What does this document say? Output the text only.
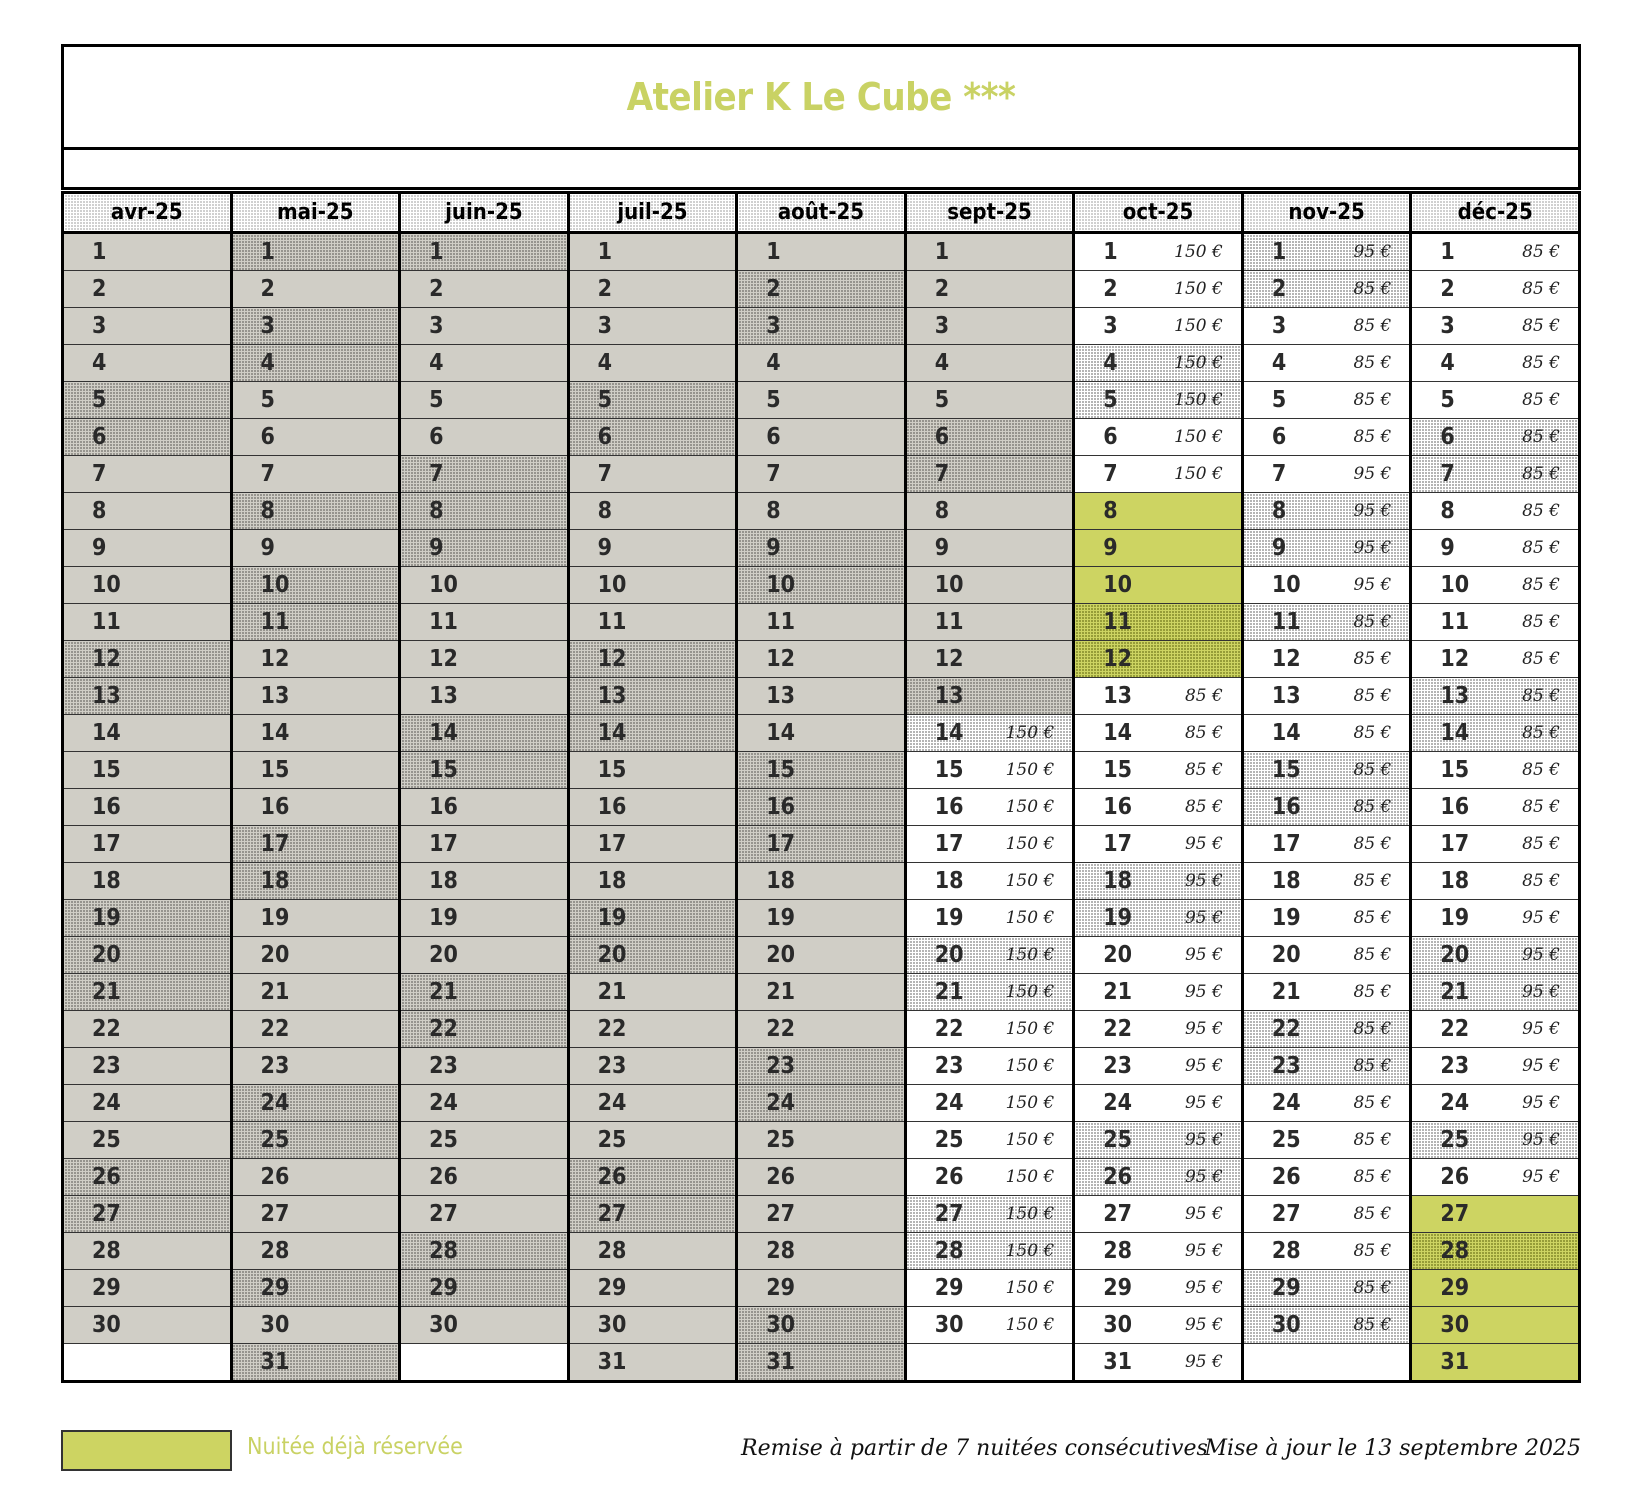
Atelier K Le Cube ***
avr-25	mai-25	juin-25	juil-25	août-25	sept-25	oct-25	nov-25	déc-25

1	1	1	1	1	1	1 150 €	1 95 €	1 85 €

2	2	2	2	2	2	2 150 €	2 85 €	2 85 €

3	3	3	3	3	3	3 150 €	3 85 €	3 85 €

4	4	4	4	4	4	4 150 €	4 85 €	4 85 €

5	5	5	5	5	5	5 150 €	5 85 €	5 85 €

6	6	6	6	6	6	6 150 €	6 85 €	6 85 €

7	7	7	7	7	7	7 150 €	7 95 €	7 85 €

8	8	8	8	8	8	8	8 95 €	8 85 €

9	9	9	9	9	9	9	9 95 €	9 85 €

10	10	10	10	10	10	10	10 95 €	10 85 €

11	11	11	11	11	11	11	11 85 €	11 85 €

12	12	12	12	12	12	12	12 85 €	12 85 €

13	13	13	13	13	13	13 85 €	13 85 €	13 85 €

14	14	14	14	14	14 150 €	14 85 €	14 85 €	14 85 €

15	15	15	15	15	15 150 €	15 85 €	15 85 €	15 85 €

16	16	16	16	16	16 150 €	16 85 €	16 85 €	16 85 €

17	17	17	17	17	17 150 €	17 95 €	17 85 €	17 85 €

18	18	18	18	18	18 150 €	18 95 €	18 85 €	18 85 €

19	19	19	19	19	19 150 €	19 95 €	19 85 €	19 95 €

20	20	20	20	20	20 150 €	20 95 €	20 85 €	20 95 €

21	21	21	21	21	21 150 €	21 95 €	21 85 €	21 95 €

22	22	22	22	22	22 150 €	22 95 €	22 85 €	22 95 €

23	23	23	23	23	23 150 €	23 95 €	23 85 €	23 95 €

24	24	24	24	24	24 150 €	24 95 €	24 85 €	24 95 €

25	25	25	25	25	25 150 €	25 95 €	25 85 €	25 95 €

26	26	26	26	26	26 150 €	26 95 €	26 85 €	26 95 €

27	27	27	27	27	27 150 €	27 95 €	27 85 €	27

28	28	28	28	28	28 150 €	28 95 €	28 85 €	28

29	29	29	29	29	29 150 €	29 95 €	29 85 €	29

30	30	30	30	30	30 150 €	30 95 €	30 85 €	30

	31		31	31		31 95 €		31
Nuitée déjà réservée	Remise à partir de 7 nuitées consécutives
Mise à jour le 13 septembre 2025
